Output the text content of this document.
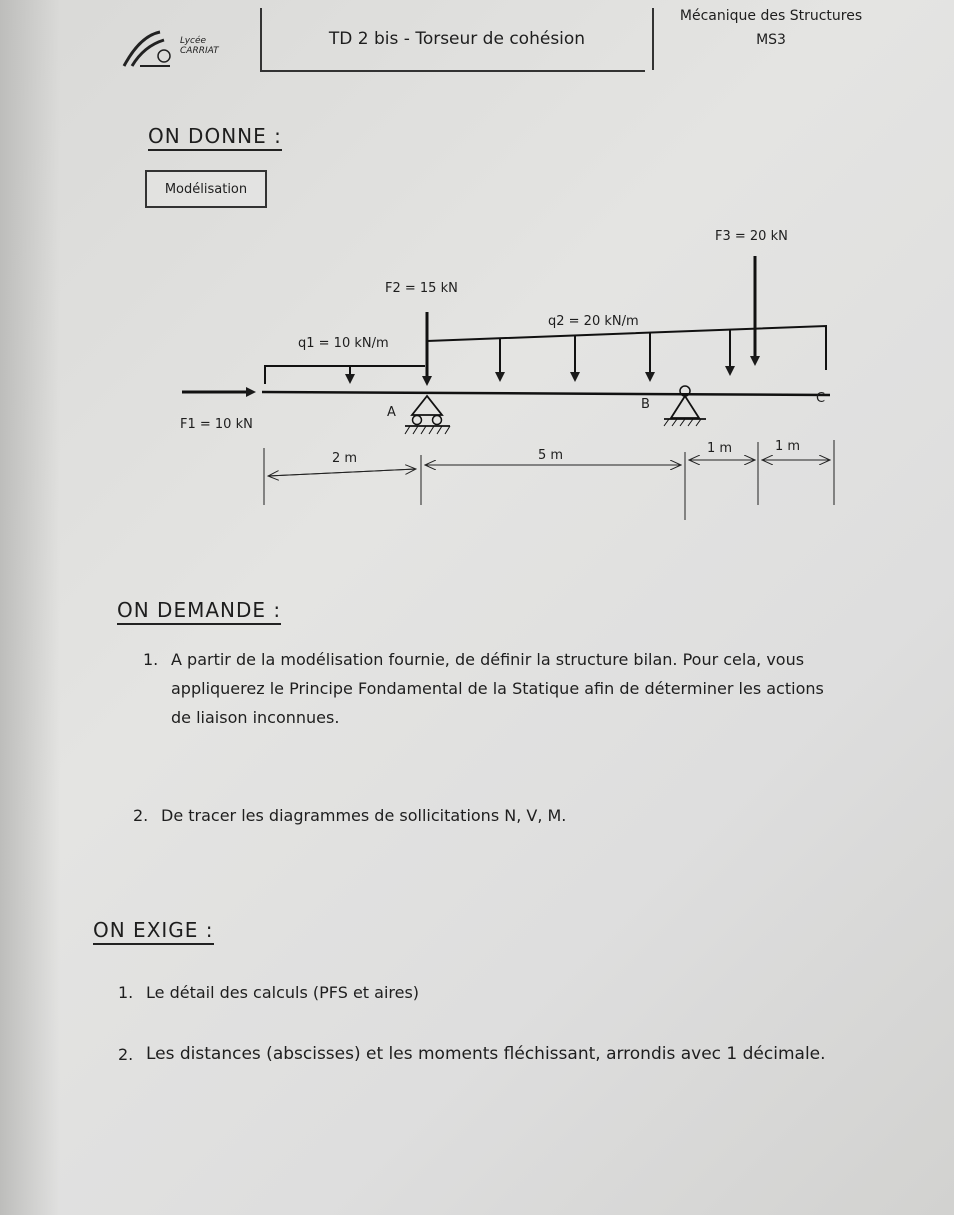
Lycée
CARRIAT
TD 2 bis - Torseur de cohésion
Mécanique des Structures
MS3
ON DONNE :
Modélisation
F1 = 10 kN
q1 = 10 kN/m
F2 = 15 kN
q2 = 20 kN/m
F3 = 20 kN
A
B	C
2 m	5 m	1 m	1 m
ON DEMANDE :
1. A partir de la modélisation fournie, de définir la structure bilan. Pour cela, vous
appliquerez le Principe Fondamental de la Statique afin de déterminer les actions
de liaison inconnues.
2. De tracer les diagrammes de sollicitations N, V, M.
ON EXIGE :
1. Le détail des calculs (PFS et aires)
2. Les distances (abscisses) et les moments fléchissant, arrondis avec 1 décimale.
